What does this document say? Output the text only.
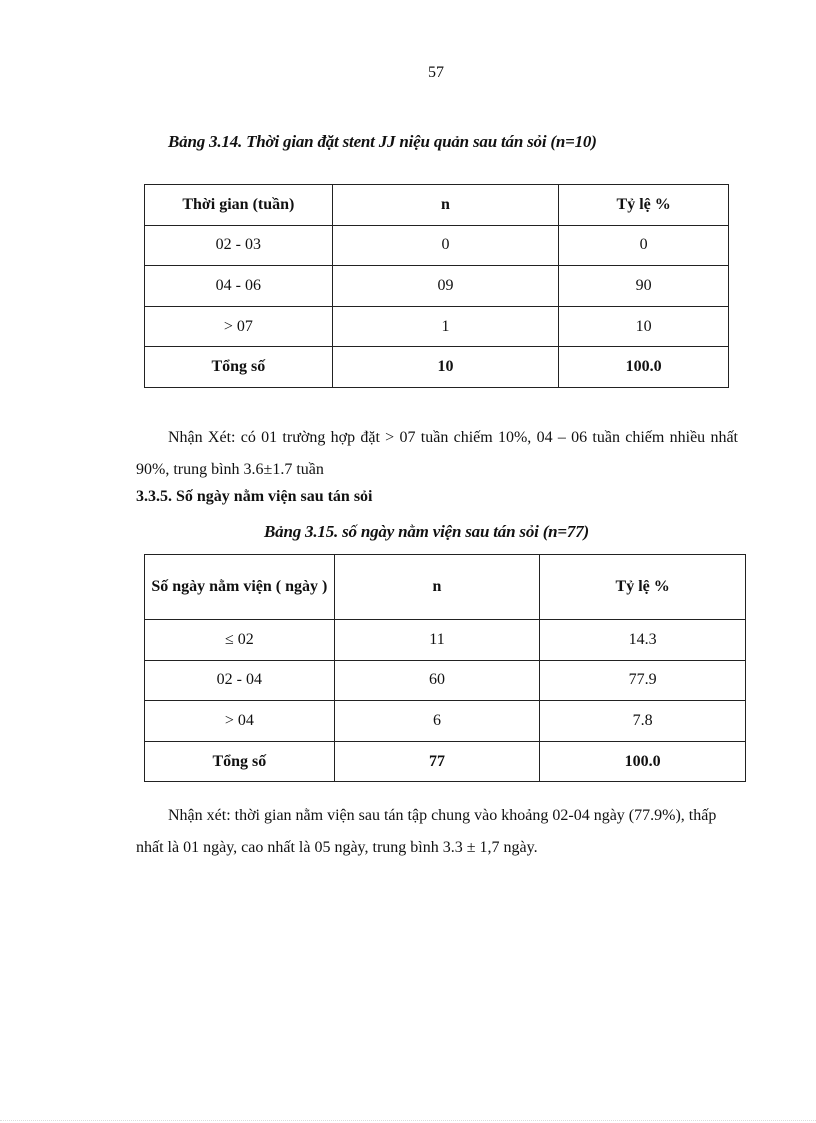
57
Bảng 3.14. Thời gian đặt stent JJ niệu quản sau tán sỏi (n=10)
Thời gian (tuần)	n	Tỷ lệ %
02 - 03	0	0
04 - 06	09	90
> 07	1	10
Tổng số	10	100.0
Nhận Xét: có 01 trường hợp đặt > 07 tuần chiếm 10%, 04 – 06 tuần chiếm nhiều nhất 90%, trung bình 3.6±1.7 tuần
3.3.5. Số ngày nằm viện sau tán sỏi
Bảng 3.15. số ngày nằm viện sau tán sỏi (n=77)
Số ngày nằm viện ( ngày )	n	Tỷ lệ %
≤ 02	11	14.3
02 - 04	60	77.9
> 04	6	7.8
Tổng số	77	100.0
Nhận xét: thời gian nằm viện sau tán tập chung vào khoảng 02-04 ngày (77.9%), thấp nhất là 01 ngày, cao nhất là 05 ngày, trung bình 3.3 ± 1,7 ngày.
